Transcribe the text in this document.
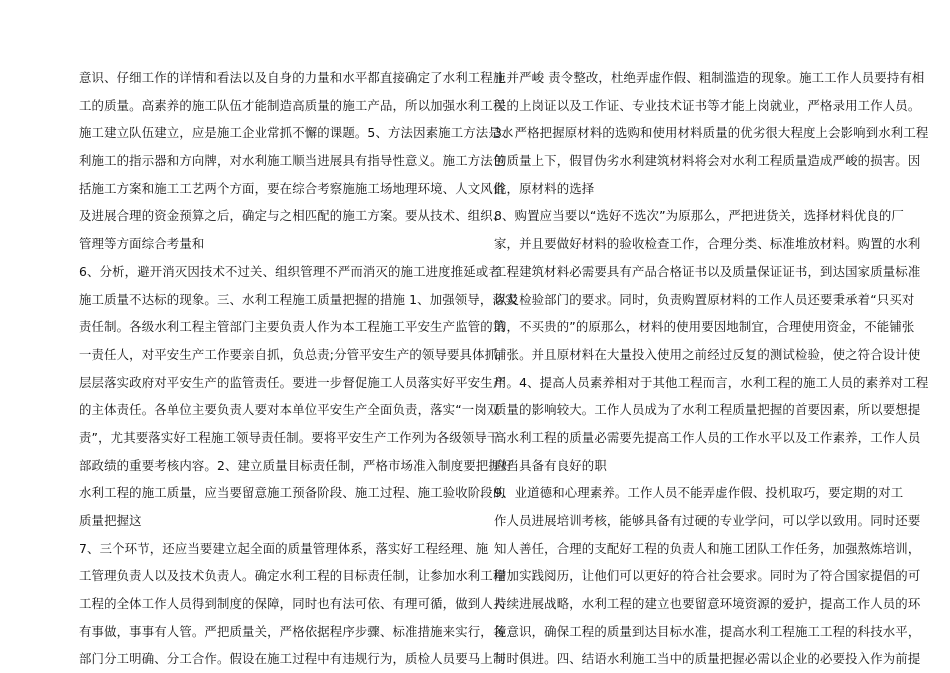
意识、仔细工作的详情和看法以及自身的力量和水平都直接确定了水利工程施
工的质量。高素养的施工队伍才能制造高质量的施工产品，所以加强水利工程
施工建立队伍建立，应是施工企业常抓不懈的课题。5、方法因素施工方法是水
利施工的指示器和方向牌，对水利施工顺当进展具有指导性意义。施工方法包
括施工方案和施工工艺两个方面，要在综合考察施施工场地理环境、人文风俗
及进展合理的资金预算之后，确定与之相匹配的施工方案。要从技术、组织、
管理等方面综合考量和
6、分析，避开消灭因技术不过关、组织管理不严而消灭的施工进度推延或者
施工质量不达标的现象。三、水利工程施工质量把握的措施 1、加强领导，落实
责任制。各级水利工程主管部门主要负责人作为本工程施工平安生产监管的第
一责任人，对平安生产工作要亲自抓，负总责;分管平安生产的领导要具体抓，
层层落实政府对平安生产的监管责任。要进一步督促施工人员落实好平安生产
的主体责任。各单位主要负责人要对本单位平安生产全面负责，落实“一岗双
责”，尤其要落实好工程施工领导责任制。要将平安生产工作列为各级领导干
部政绩的重要考核内容。2、建立质量目标责任制，严格市场准入制度要把握好
水利工程的施工质量，应当要留意施工预备阶段、施工过程、施工验收阶段的
质量把握这
7、三个环节，还应当要建立起全面的质量管理体系，落实好工程经理、施
工管理负责人以及技术负责人。确定水利工程的目标责任制，让参加水利工程
工程的全体工作人员得到制度的保障，同时也有法可依、有理可循，做到人人
有事做，事事有人管。严把质量关，严格依据程序步骤、标准措施来实行，各
部门分工明确、分工合作。假设在施工过程中有违规行为，质检人员要马上制
止并严峻 责令整改，杜绝弄虚作假、粗制滥造的现象。施工工作人员要持有相
关的上岗证以及工作证、专业技术证书等才能上岗就业，严格录用工作人员。
3、严格把握原材料的选购和使用材料质量的优劣很大程度上会影响到水利工程
的质量上下，假冒伪劣水利建筑材料将会对水利工程质量造成严峻的损害。因
此，原材料的选择
8、购置应当要以“选好不选次”为原那么，严把进货关，选择材料优良的厂
家，并且要做好材料的验收检查工作，合理分类、标准堆放材料。购置的水利
工程建筑材料必需要具有产品合格证书以及质量保证证书，到达国家质量标准
以及检验部门的要求。同时，负责购置原材料的工作人员还要秉承着“只买对
的，不买贵的”的原那么，材料的使用要因地制宜，合理使用资金，不能铺张
铺张。并且原材料在大量投入使用之前经过反复的测试检验，使之符合设计使
用。4、提高人员素养相对于其他工程而言，水利工程的施工人员的素养对工程
质量的影响较大。工作人员成为了水利工程质量把握的首要因素，所以要想提
高水利工程的质量必需要先提高工作人员的工作水平以及工作素养，工作人员
应当具备有良好的职
9、业道德和心理素养。工作人员不能弄虚作假、投机取巧，要定期的对工
作人员进展培训考核，能够具备有过硬的专业学问，可以学以致用。同时还要
知人善任，合理的支配好工程的负责人和施工团队工作任务，加强熬炼培训，
增加实践阅历，让他们可以更好的符合社会要求。同时为了符合国家提倡的可
持续进展战略，水利工程的建立也要留意环境资源的爱护，提高工作人员的环
境意识，确保工程的质量到达目标水准，提高水利工程施工工程的科技水平，
与时俱进。四、结语水利施工当中的质量把握必需以企业的必要投入作为前提
